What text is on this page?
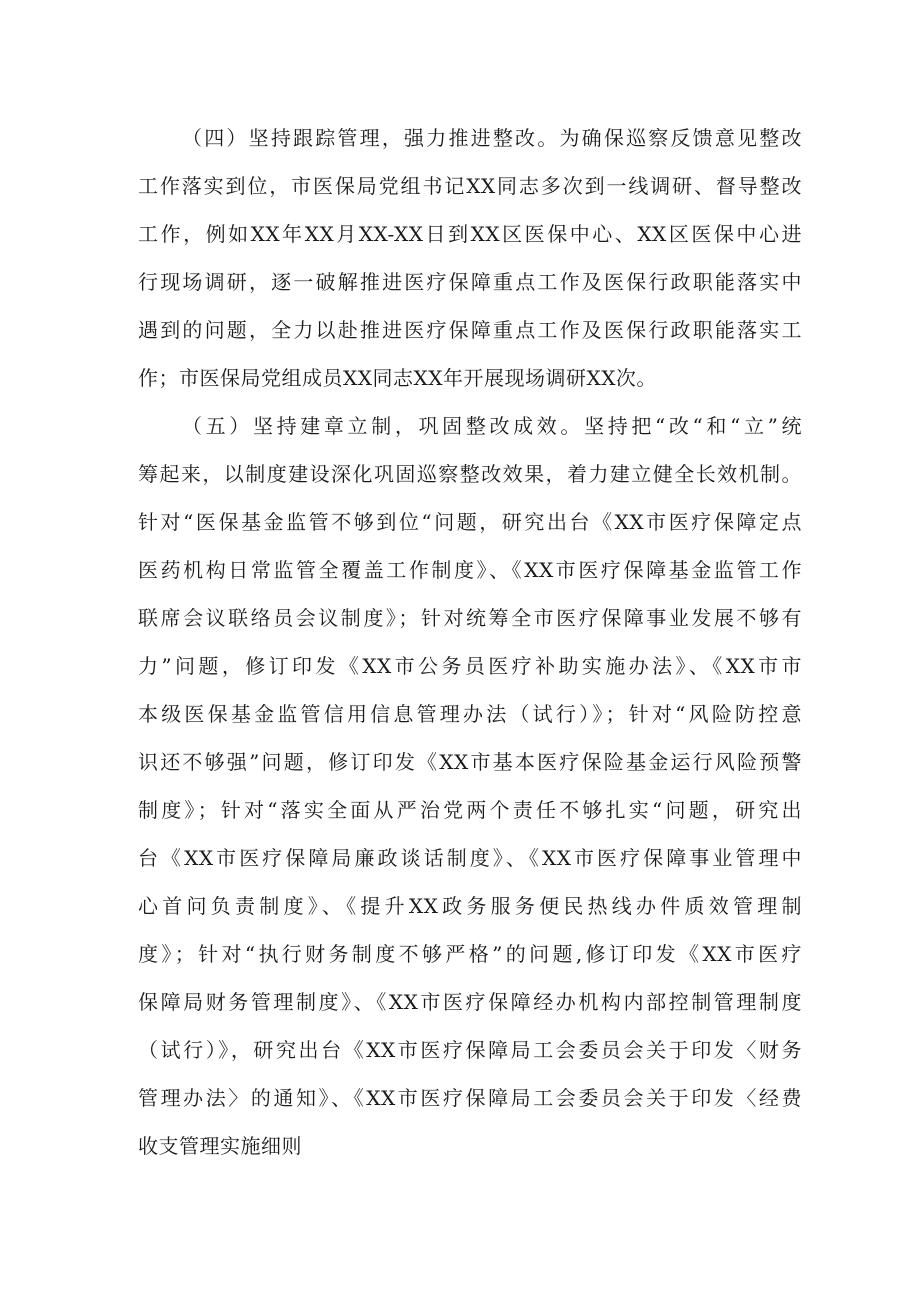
（四）坚持跟踪管理，强力推进整改。为确保巡察反馈意见整改
工作落实到位，市医保局党组书记XX同志多次到一线调研、督导整改
工作，例如XX年XX月XX-XX日到XX区医保中心、XX区医保中心进
行现场调研，逐一破解推进医疗保障重点工作及医保行政职能落实中
遇到的问题，全力以赴推进医疗保障重点工作及医保行政职能落实工
作；市医保局党组成员XX同志XX年开展现场调研XX次。
（五）坚持建章立制，巩固整改成效。坚持把“改“和“立”统
筹起来，以制度建设深化巩固巡察整改效果，着力建立健全长效机制。
针对“医保基金监管不够到位“问题，研究出台《XX市医疗保障定点
医药机构日常监管全覆盖工作制度》、《XX市医疗保障基金监管工作
联席会议联络员会议制度》；针对统筹全市医疗保障事业发展不够有
力”问题，修订印发《XX市公务员医疗补助实施办法》、《XX市市
本级医保基金监管信用信息管理办法（试行）》；针对“风险防控意
识还不够强”问题，修订印发《XX市基本医疗保险基金运行风险预警
制度》；针对“落实全面从严治党两个责任不够扎实“问题，研究出
台《XX市医疗保障局廉政谈话制度》、《XX市医疗保障事业管理中
心首问负责制度》、《提升XX政务服务便民热线办件质效管理制
度》；针对“执行财务制度不够严格”的问题,修订印发《XX市医疗
保障局财务管理制度》、《XX市医疗保障经办机构内部控制管理制度
（试行）》，研究出台《XX市医疗保障局工会委员会关于印发〈财务
管理办法〉的通知》、《XX市医疗保障局工会委员会关于印发〈经费
收支管理实施细则
